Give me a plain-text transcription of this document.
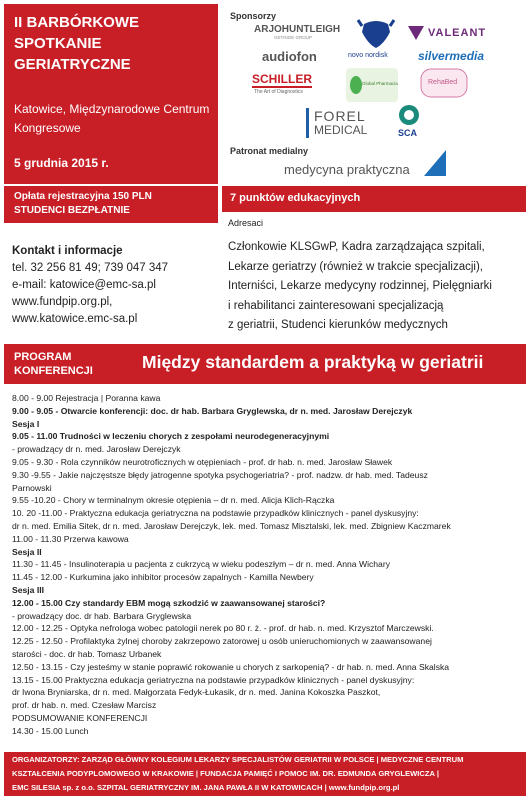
II BARBÓRKOWE SPOTKANIE GERIATRYCZNE
Katowice, Międzynarodowe Centrum Kongresowe
5 grudnia 2015 r.
Sponsorzy
ARJOHUNTLEIGH
GETINGE GROUP
novo nordisk
VALEANT
audiofon	silvermedia
SCHILLER
The Art of Diagnostics
Global Pharmacia	RehaBed
FOREL
MEDICAL	SCA
Patronat medialny
medycyna praktyczna
Opłata rejestracyjna 150 PLN
STUDENCI BEZPŁATNIE
7 punktów edukacyjnych
Kontakt i informacje
tel. 32 256 81 49; 739 047 347
e-mail: katowice@emc-sa.pl
www.fundpip.org.pl,
www.katowice.emc-sa.pl
Adresaci
Członkowie KLSGwP, Kadra zarządzająca szpitali,
Lekarze geriatrzy (również w trakcie specjalizacji),
Interniści, Lekarze medycyny rodzinnej, Pielęgniarki
i rehabilitanci zainteresowani specjalizacją
z geriatrii, Studenci kierunków medycznych
PROGRAM
KONFERENCJI	Między standardem a praktyką w geriatrii
8.00 - 9.00 Rejestracja | Poranna kawa
9.00 - 9.05 - Otwarcie konferencji: doc. dr hab. Barbara Gryglewska, dr n. med. Jarosław Derejczyk
Sesja I
9.05 - 11.00 Trudności w leczeniu chorych z zespołami neurodegeneracyjnymi
- prowadzący dr n. med. Jarosław Derejczyk
9.05 - 9.30 - Rola czynników neurotroficznych w otępieniach - prof. dr hab. n. med. Jarosław Sławek
9.30 -9.55 - Jakie najczęstsze błędy jatrogenne spotyka psychogeriatria? - prof. nadzw. dr hab. med. Tadeusz
Parnowski
9.55 -10.20 - Chory w terminalnym okresie otępienia – dr n. med. Alicja Klich-Rączka
10. 20 -11.00 - Praktyczna edukacja geriatryczna na podstawie przypadków klinicznych - panel dyskusyjny:
dr n. med. Emilia Sitek, dr n. med. Jarosław Derejczyk, lek. med. Tomasz Misztalski, lek. med. Zbigniew Kaczmarek
11.00 - 11.30 Przerwa kawowa
Sesja II
11.30 - 11.45 - Insulinoterapia u pacjenta z cukrzycą w wieku podeszłym – dr n. med. Anna Wichary
11.45 - 12.00 - Kurkumina jako inhibitor procesów zapalnych - Kamilla Newbery
Sesja III
12.00 - 15.00 Czy standardy EBM mogą szkodzić w zaawansowanej starości?
- prowadzący doc. dr hab. Barbara Gryglewska
12.00 - 12.25 - Optyka nefrologa wobec patologii nerek po 80 r. ż. - prof. dr hab. n. med. Krzysztof Marczewski.
12.25 - 12.50 - Profilaktyka żylnej choroby zakrzepowo zatorowej u osób unieruchomionych w zaawansowanej
starości - doc. dr hab. Tomasz Urbanek
12.50 - 13.15 - Czy jesteśmy w stanie poprawić rokowanie u chorych z sarkopenią? - dr hab. n. med. Anna Skalska
13.15 - 15.00 Praktyczna edukacja geriatryczna na podstawie przypadków klinicznych - panel dyskusyjny:
dr Iwona Bryniarska, dr n. med. Małgorzata Fedyk-Łukasik, dr n. med. Janina Kokoszka Paszkot,
prof. dr hab. n. med. Czesław Marcisz
PODSUMOWANIE KONFERENCJI
14.30 - 15.00 Lunch
ORGANIZATORZY: ZARZĄD GŁÓWNY KOLEGIUM LEKARZY SPECJALISTÓW GERIATRII W POLSCE | MEDYCZNE CENTRUM
KSZTAŁCENIA PODYPLOMOWEGO W KRAKOWIE | FUNDACJA PAMIĘĆ I POMOC IM. DR. EDMUNDA GRYGLEWICZA |
EMC SILESIA sp. z o.o. SZPITAL GERIATRYCZNY IM. JANA PAWŁA II W KATOWICACH | www.fundpip.org.pl
